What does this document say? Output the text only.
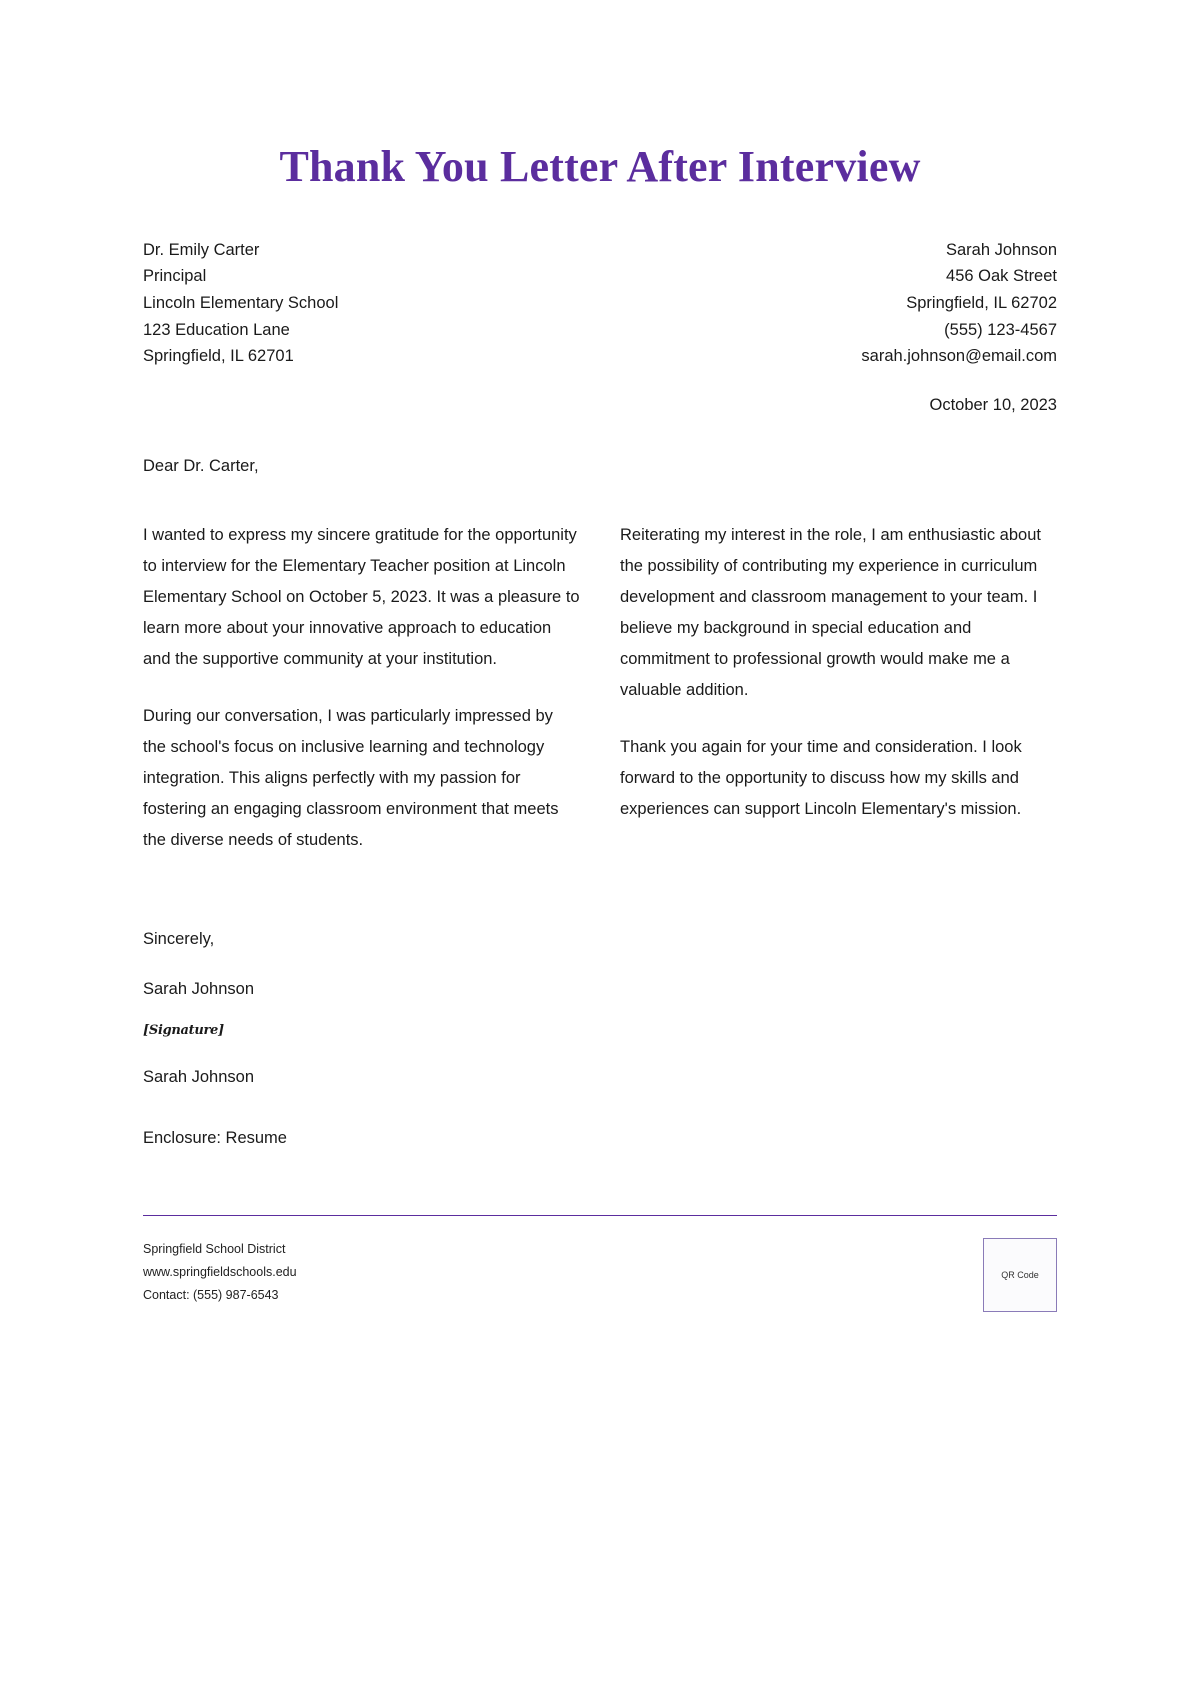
Thank You Letter After Interview
Dr. Emily Carter
Principal
Lincoln Elementary School
123 Education Lane
Springfield, IL 62701
Sarah Johnson
456 Oak Street
Springfield, IL 62702
(555) 123-4567
sarah.johnson@email.com
October 10, 2023
Dear Dr. Carter,

I wanted to express my sincere gratitude for the opportunity to interview for the Elementary Teacher position at Lincoln Elementary School on October 5, 2023. It was a pleasure to learn more about your innovative approach to education and the supportive community at your institution.

During our conversation, I was particularly impressed by the school's focus on inclusive learning and technology integration. This aligns perfectly with my passion for fostering an engaging classroom environment that meets the diverse needs of students.

Reiterating my interest in the role, I am enthusiastic about the possibility of contributing my experience in curriculum development and classroom management to your team. I believe my background in special education and commitment to professional growth would make me a valuable addition.

Thank you again for your time and consideration. I look forward to the opportunity to discuss how my skills and experiences can support Lincoln Elementary's mission.

Sincerely,
Sarah Johnson
[Signature]
Sarah Johnson
Enclosure: Resume
Springfield School District
www.springfieldschools.edu
Contact: (555) 987-6543
QR Code
